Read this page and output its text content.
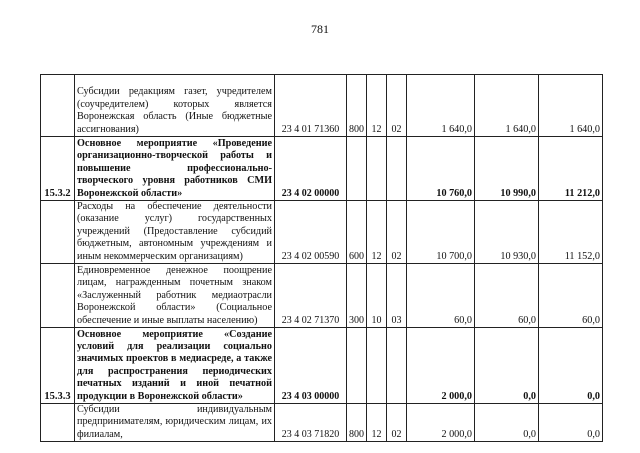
781
	Субсидии редакциям газет, учредителем (соучредителем) которых является Воронежская область (Иные бюджетные ассигнования)	23 4 01 71360	800	12	02	1 640,0	1 640,0	1 640,0
15.3.2	Основное мероприятие «Проведение организационно-творческой работы и повышение профессионально-творческого уровня работников СМИ Воронежской области»	23 4 02 00000				10 760,0	10 990,0	11 212,0
	Расходы на обеспечение деятельности (оказание услуг) государственных учреждений (Предоставление субсидий бюджетным, автономным учреждениям и иным некоммерческим организациям)	23 4 02 00590	600	12	02	10 700,0	10 930,0	11 152,0
	Единовременное денежное поощрение лицам, награжденным почетным знаком «Заслуженный работник медиаотрасли Воронежской области» (Социальное обеспечение и иные выплаты населению)	23 4 02 71370	300	10	03	60,0	60,0	60,0
15.3.3	Основное мероприятие «Создание условий для реализации социально значимых проектов в медиасреде, а также для распространения периодических печатных изданий и иной печатной продукции в Воронежской области»	23 4 03 00000				2 000,0	0,0	0,0
	Субсидии индивидуальным предпринимателям, юридическим лицам, их филиалам,	23 4 03 71820	800	12	02	2 000,0	0,0	0,0
